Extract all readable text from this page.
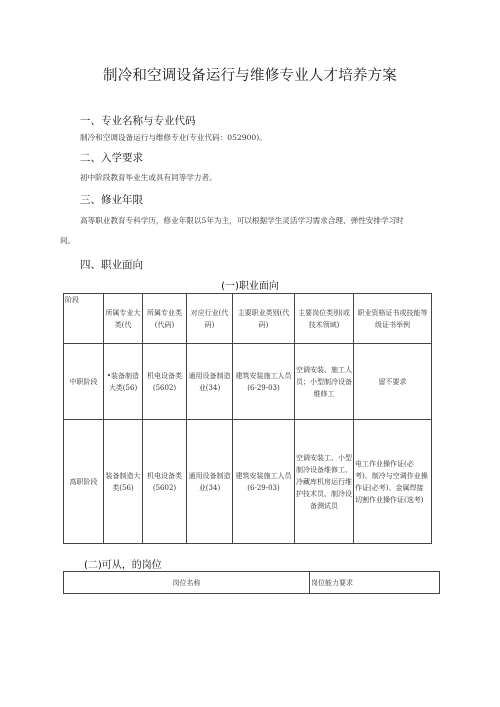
制冷和空调设备运行与维修专业人才培养方案
一、专业名称与专业代码
制冷和空调设备运行与维修专业(专业代码：052900)。
二、入学要求
初中阶段教育毕业生或具有同等学力者。
三、修业年限
高等职业教育专科学历，修业年限以5年为主，可以根据学生灵活学习需求合理、弹性安排学习时
间。
四、职业面向
(一)职业面向
阶段	所属专业大类(代	所属专业类(代码)	对应行业(代码)	主要职业类别(代码)	主要岗位类别(或技术领域)	职业资格证书或技能等级证书举例
中职阶段	•装备制造大类(56)	机电设备类(5602)	通用设备制造业(34)	建筑安装施工人员(6-29-03)	空调安装、施工人员；小型制冷设备维修工	留不要求
高职阶段	装备制造大类(56)	机电设备类(5602)	通用设备制造业(34)	建筑安装施工人员(6-29-03)	空调安装工、小型制冷设备维修工、冷藏库机房运行维护技术员、制冷设备测试员	电工作业操作证(必考)、制冷与空调作业操作证(必考)、金属焊接切割作业操作证(选考)
(二)可从，的岗位
岗位名称	岗位能力要求
